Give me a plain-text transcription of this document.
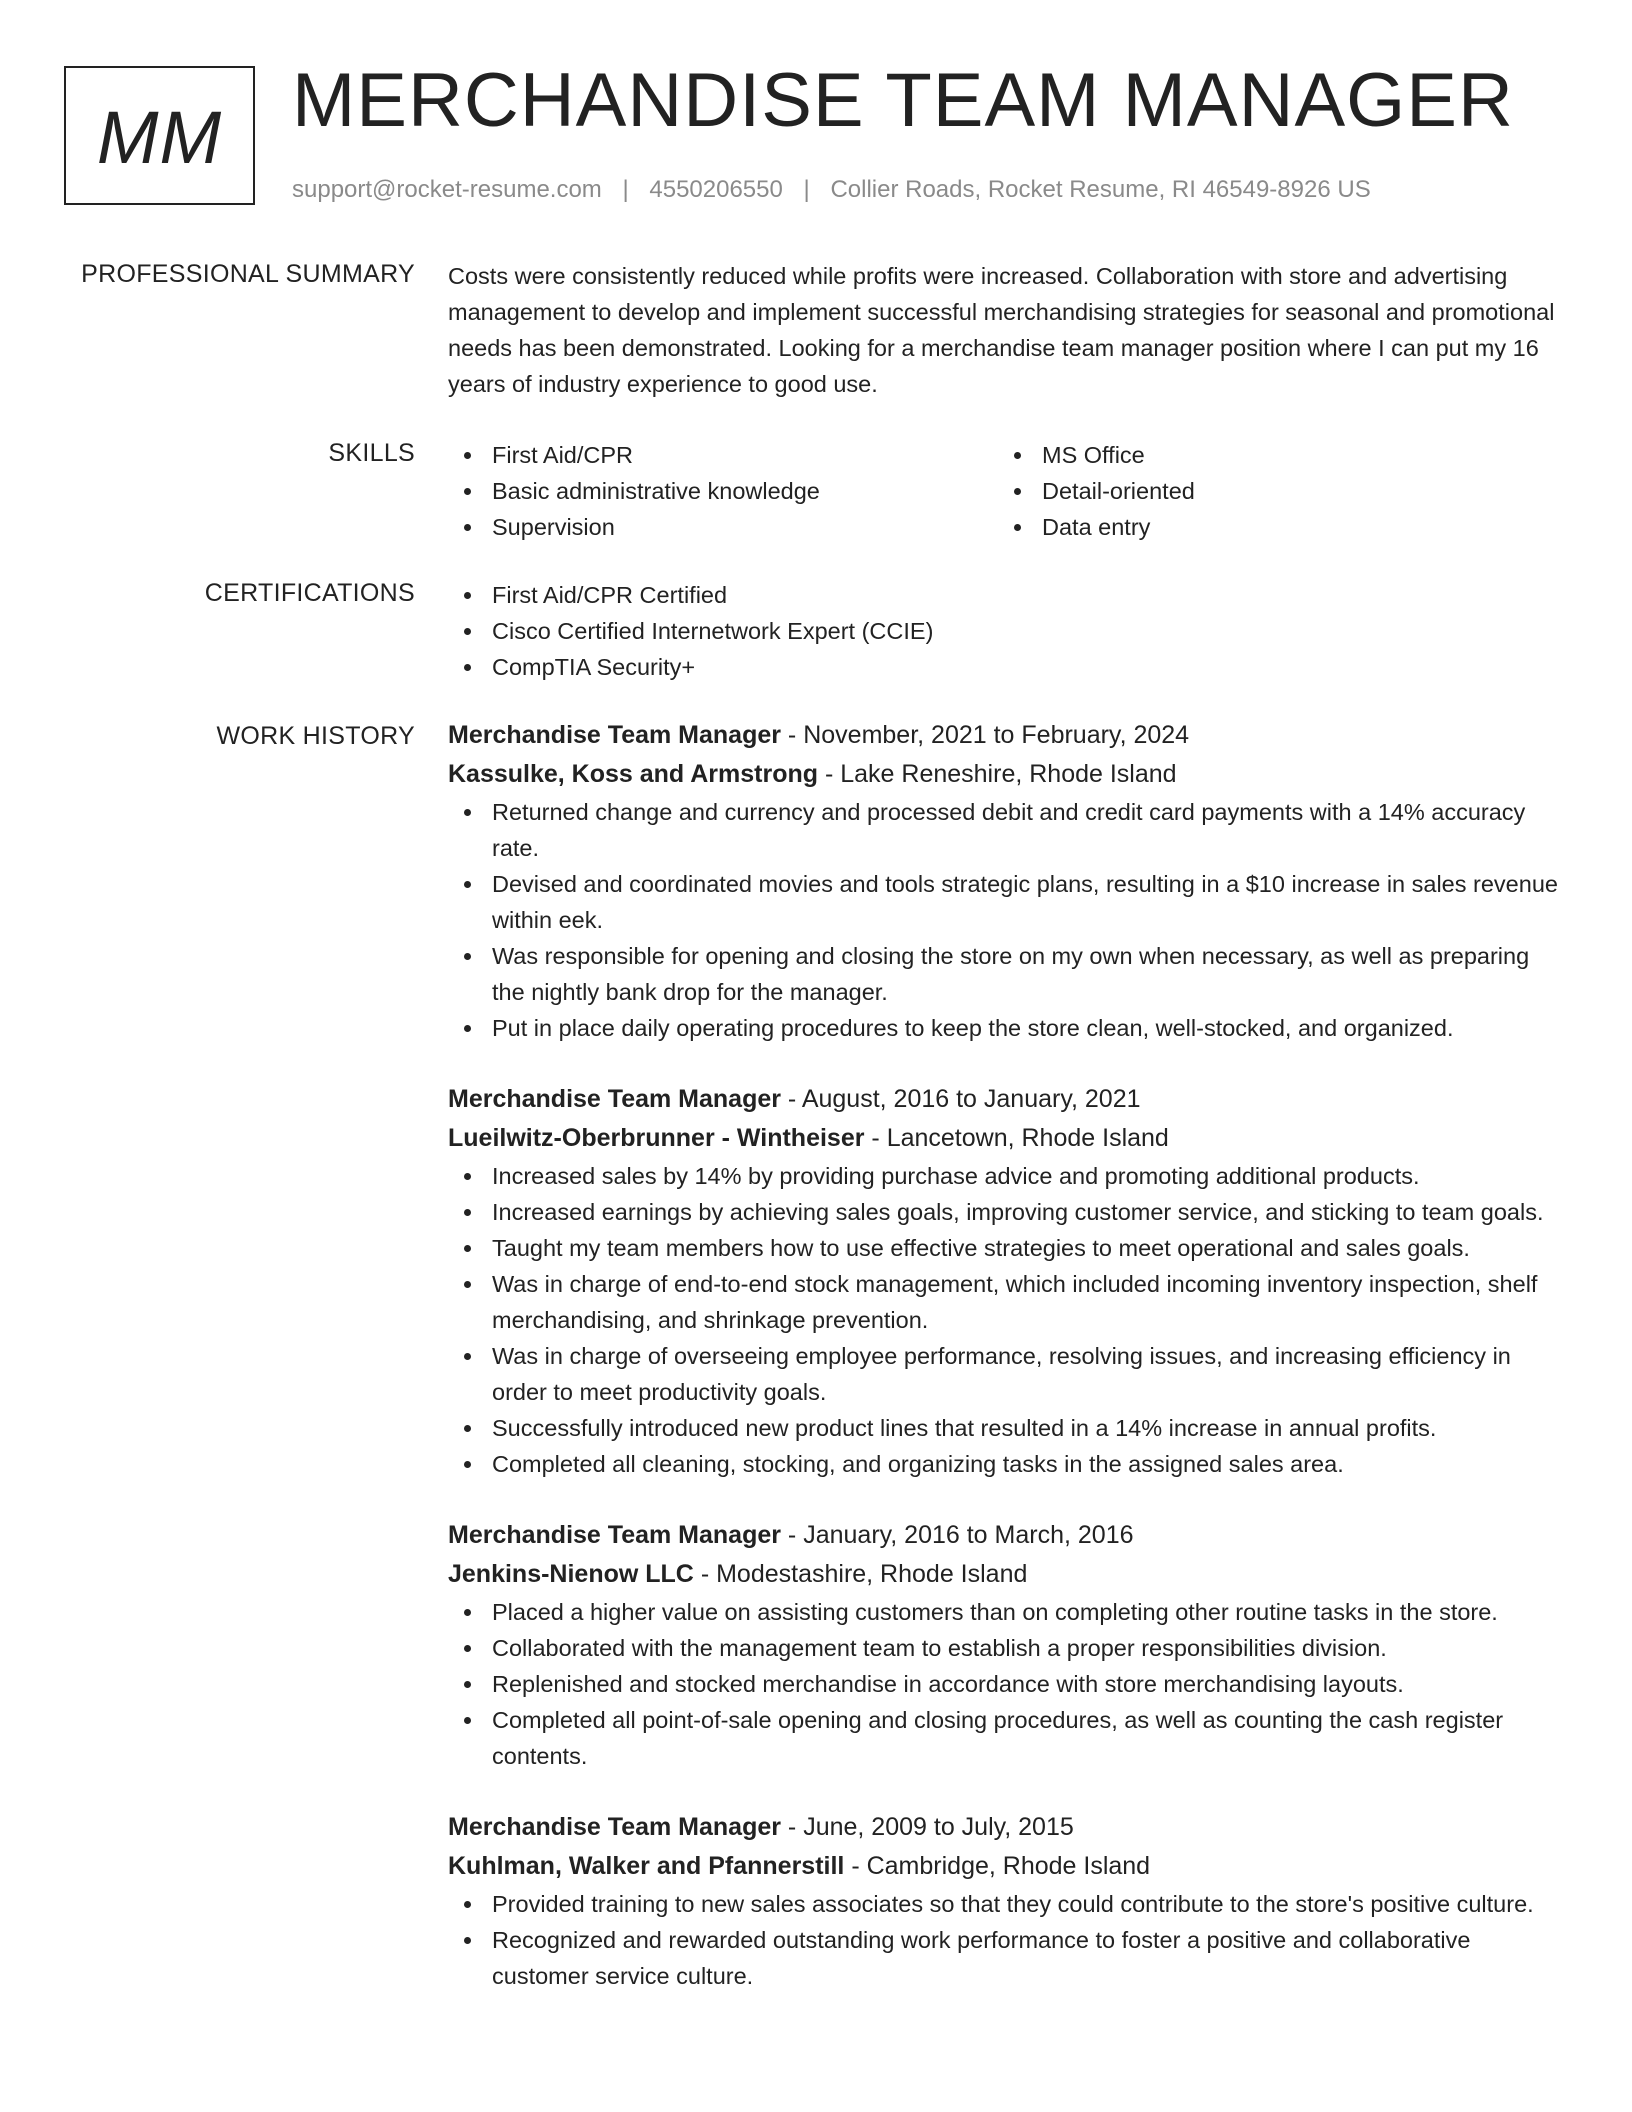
MM MERCHANDISE TEAM MANAGER
support@rocket-resume.com | 4550206550 | Collier Roads, Rocket Resume, RI 46549-8926 US
PROFESSIONAL SUMMARY Costs were consistently reduced while profits were increased. Collaboration with store and advertising management to develop and implement successful merchandising strategies for seasonal and promotional needs has been demonstrated. Looking for a merchandise team manager position where I can put my 16 years of industry experience to good use.

SKILLS	First Aid/CPR
Basic administrative knowledge
Supervision
MS Office
Detail-oriented
Data entry
CERTIFICATIONS	First Aid/CPR Certified
Cisco Certified Internetwork Expert (CCIE)
CompTIA Security+
WORK HISTORY Merchandise Team Manager - November, 2021 to February, 2024
Kassulke, Koss and Armstrong - Lake Reneshire, Rhode Island
Returned change and currency and processed debit and credit card payments with a 14% accuracy rate.
Devised and coordinated movies and tools strategic plans, resulting in a $10 increase in sales revenue within eek.
Was responsible for opening and closing the store on my own when necessary, as well as preparing the nightly bank drop for the manager.
Put in place daily operating procedures to keep the store clean, well-stocked, and organized.
Merchandise Team Manager - August, 2016 to January, 2021
Lueilwitz-Oberbrunner - Wintheiser - Lancetown, Rhode Island
Increased sales by 14% by providing purchase advice and promoting additional products.
Increased earnings by achieving sales goals, improving customer service, and sticking to team goals.
Taught my team members how to use effective strategies to meet operational and sales goals.
Was in charge of end-to-end stock management, which included incoming inventory inspection, shelf merchandising, and shrinkage prevention.
Was in charge of overseeing employee performance, resolving issues, and increasing efficiency in order to meet productivity goals.
Successfully introduced new product lines that resulted in a 14% increase in annual profits.
Completed all cleaning, stocking, and organizing tasks in the assigned sales area.
Merchandise Team Manager - January, 2016 to March, 2016
Jenkins-Nienow LLC - Modestashire, Rhode Island
Placed a higher value on assisting customers than on completing other routine tasks in the store.
Collaborated with the management team to establish a proper responsibilities division.
Replenished and stocked merchandise in accordance with store merchandising layouts.
Completed all point-of-sale opening and closing procedures, as well as counting the cash register contents.
Merchandise Team Manager - June, 2009 to July, 2015
Kuhlman, Walker and Pfannerstill - Cambridge, Rhode Island
Provided training to new sales associates so that they could contribute to the store's positive culture.
Recognized and rewarded outstanding work performance to foster a positive and collaborative customer service culture.
